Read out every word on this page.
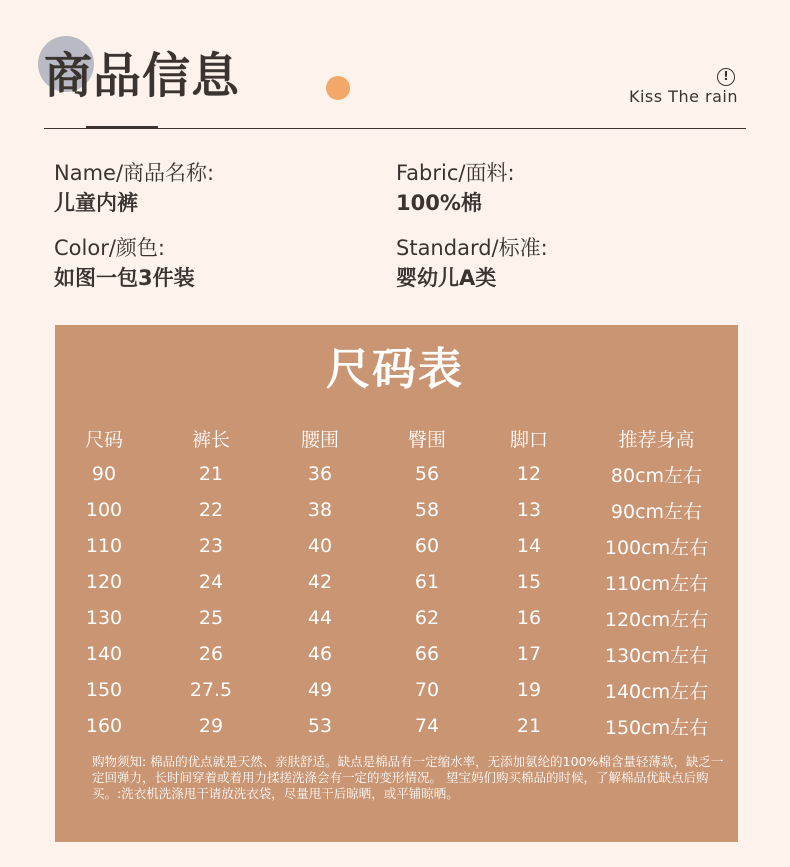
商品信息	!
Kiss The rain
Name/商品名称:
儿童内裤
Fabric/面料:
100%棉
Color/颜色:
如图一包3件装
Standard/标准:
婴幼儿A类
尺码表
尺码	裤长	腰围	臀围	脚口	推荐身高
90	21	36	56	12	80cm左右
100	22	38	58	13	90cm左右
110	23	40	60	14	100cm左右
120	24	42	61	15	110cm左右
130	25	44	62	16	120cm左右
140	26	46	66	17	130cm左右
150	27.5	49	70	19	140cm左右
160	29	53	74	21	150cm左右
购物须知: 棉品的优点就是天然、亲肤舒适。缺点是棉品有一定缩水率，无添加氨纶的100%棉含量轻薄款，缺乏一定回弹力，长时间穿着或着用力揉搓洗涤会有一定的变形情况。 望宝妈们购买棉品的时候，了解棉品优缺点后购买。:洗衣机洗涤甩干请放洗衣袋，尽量甩干后晾晒，或平铺晾晒。
